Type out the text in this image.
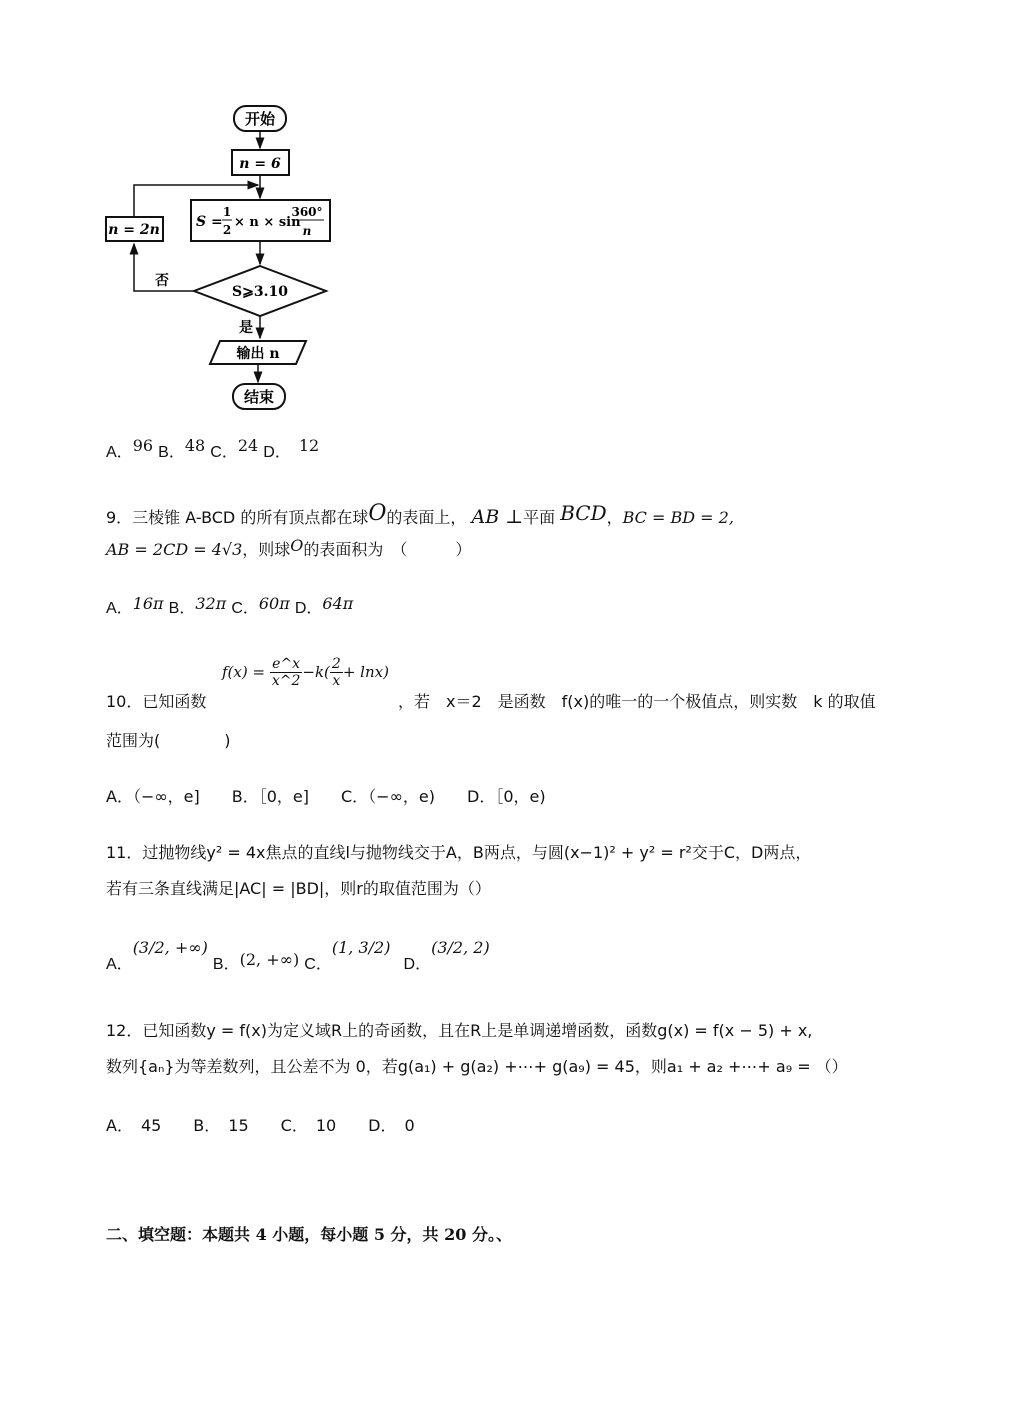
开始
n = 6
S =
1
2 × n × sin
360°
n
n = 2n
S⩾3.10
否
是
输出 n
结束
A．96 B．48 C．24 D． 12
9．三棱锥 A-BCD 的所有顶点都在球O的表面上， AB ⊥平面 BCD，BC = BD = 2,
AB = 2CD = 4√3，则球O的表面积为　（　　　）
A．16π B．32π C．60π D．64π
10．已知函数
$f(x) = \frac{e\^{}x}{x\^{}2} -k( \frac{2}{x} + \ln x)$
，若　x＝2　是函数　f(x)的唯一的一个极值点，则实数　k 的取值
范围为(　　　　)
A．（−∞，e]　　B．［0，e]　　C．（−∞，e)　　D．［0，e)
11．过抛物线y² = 4x焦点的直线l与抛物线交于A，B两点，与圆(x−1)² + y² = r²交于C，D两点，
若有三条直线满足|AC| = |BD|，则r的取值范围为（）
A．(3/2, +∞) B．(2, +∞) C．(1, 3/2) D．(3/2, 2)
12．已知函数y = f(x)为定义域R上的奇函数，且在R上是单调递增函数，函数g(x) = f(x − 5) + x,
数列{aₙ}为等差数列，且公差不为 0，若g(a₁) + g(a₂) +⋯+ g(a₉) = 45，则a₁ + a₂ +⋯+ a₉ = （）
A．　45　　B．　15　　C．　10　　D．　0
二、填空题：本题共 4 小题，每小题 5 分，共 20 分。、
